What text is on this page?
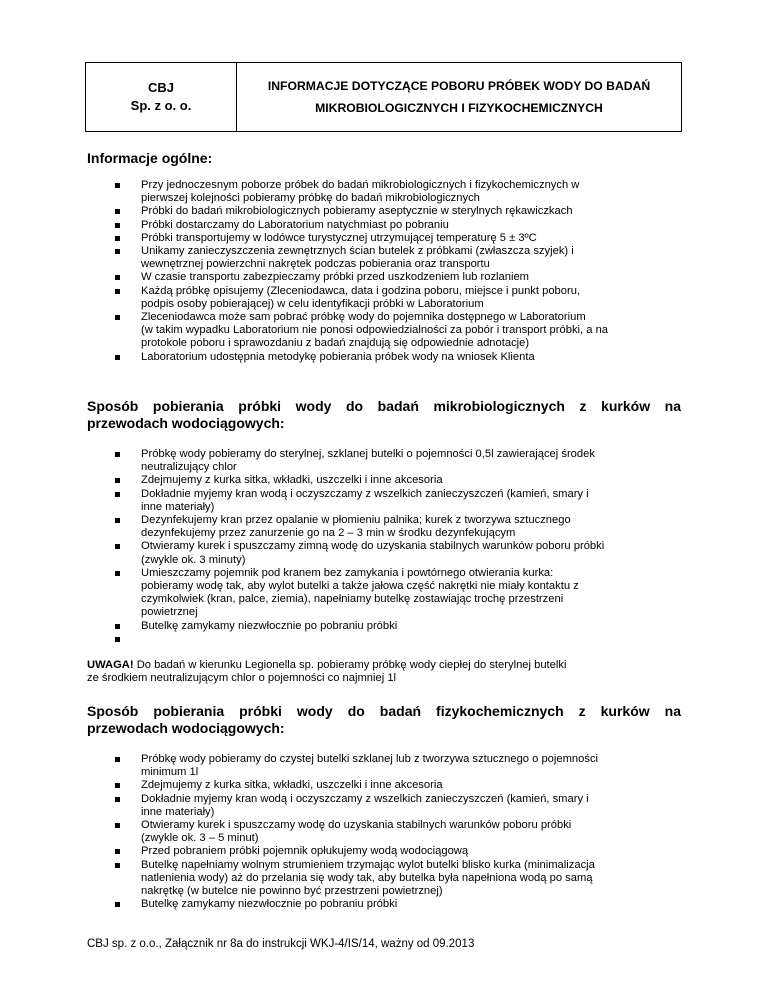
CBJ
Sp. z o. o.
INFORMACJE DOTYCZĄCE POBORU PRÓBEK WODY DO BADAŃ
MIKROBIOLOGICZNYCH I FIZYKOCHEMICZNYCH
Informacje ogólne:
Przy jednoczesnym poborze próbek do badań mikrobiologicznych i fizykochemicznych w
pierwszej kolejności pobieramy próbkę do badań mikrobiologicznych
Próbki do badań mikrobiologicznych pobieramy aseptycznie w sterylnych rękawiczkach
Próbki dostarczamy do Laboratorium natychmiast po pobraniu
Próbki transportujemy w lodówce turystycznej utrzymującej temperaturę 5 ± 3ºC
Unikamy zanieczyszczenia zewnętrznych ścian butelek z próbkami (zwłaszcza szyjek) i
wewnętrznej powierzchni nakrętek podczas pobierania oraz transportu
W czasie transportu zabezpieczamy próbki przed uszkodzeniem lub rozlaniem
Każdą próbkę opisujemy (Zleceniodawca, data i godzina poboru, miejsce i punkt poboru,
podpis osoby pobierającej) w celu identyfikacji próbki w Laboratorium
Zleceniodawca może sam pobrać próbkę wody do pojemnika dostępnego w Laboratorium
(w takim wypadku Laboratorium nie ponosi odpowiedzialności za pobór i transport próbki, a na
protokole poboru i sprawozdaniu z badań znajdują się odpowiednie adnotacje)
Laboratorium udostępnia metodykę pobierania próbek wody na wniosek Klienta
Sposób pobierania próbki wody do badań mikrobiologicznych z kurków na
przewodach wodociągowych:
Próbkę wody pobieramy do sterylnej, szklanej butelki o pojemności 0,5l zawierającej środek
neutralizujący chlor
Zdejmujemy z kurka sitka, wkładki, uszczelki i inne akcesoria
Dokładnie myjemy kran wodą i oczyszczamy z wszelkich zanieczyszczeń (kamień, smary i
inne materiały)
Dezynfekujemy kran przez opalanie w płomieniu palnika; kurek z tworzywa sztucznego
dezynfekujemy przez zanurzenie go na 2 – 3 min w środku dezynfekującym
Otwieramy kurek i spuszczamy zimną wodę do uzyskania stabilnych warunków poboru próbki
(zwykle ok. 3 minuty)
Umieszczamy pojemnik pod kranem bez zamykania i powtórnego otwierania kurka:
pobieramy wodę tak, aby wylot butelki a także jałowa część nakrętki nie miały kontaktu z
czymkolwiek (kran, palce, ziemia), napełniamy butelkę zostawiając trochę przestrzeni
powietrznej
Butelkę zamykamy niezwłocznie po pobraniu próbki

UWAGA! Do badań w kierunku Legionella sp. pobieramy próbkę wody ciepłej do sterylnej butelki
ze środkiem neutralizującym chlor o pojemności co najmniej 1l

Sposób pobierania próbki wody do badań fizykochemicznych z kurków na
przewodach wodociągowych:
Próbkę wody pobieramy do czystej butelki szklanej lub z tworzywa sztucznego o pojemności
minimum 1l
Zdejmujemy z kurka sitka, wkładki, uszczelki i inne akcesoria
Dokładnie myjemy kran wodą i oczyszczamy z wszelkich zanieczyszczeń (kamień, smary i
inne materiały)
Otwieramy kurek i spuszczamy wodę do uzyskania stabilnych warunków poboru próbki
(zwykle ok. 3 – 5 minut)
Przed pobraniem próbki pojemnik opłukujemy wodą wodociągową
Butelkę napełniamy wolnym strumieniem trzymając wylot butelki blisko kurka (minimalizacja
natlenienia wody) aż do przelania się wody tak, aby butelka była napełniona wodą po samą
nakrętkę (w butelce nie powinno być przestrzeni powietrznej)
Butelkę zamykamy niezwłocznie po pobraniu próbki
CBJ sp. z o.o., Załącznik nr 8a do instrukcji WKJ-4/IS/14, ważny od 09.2013
